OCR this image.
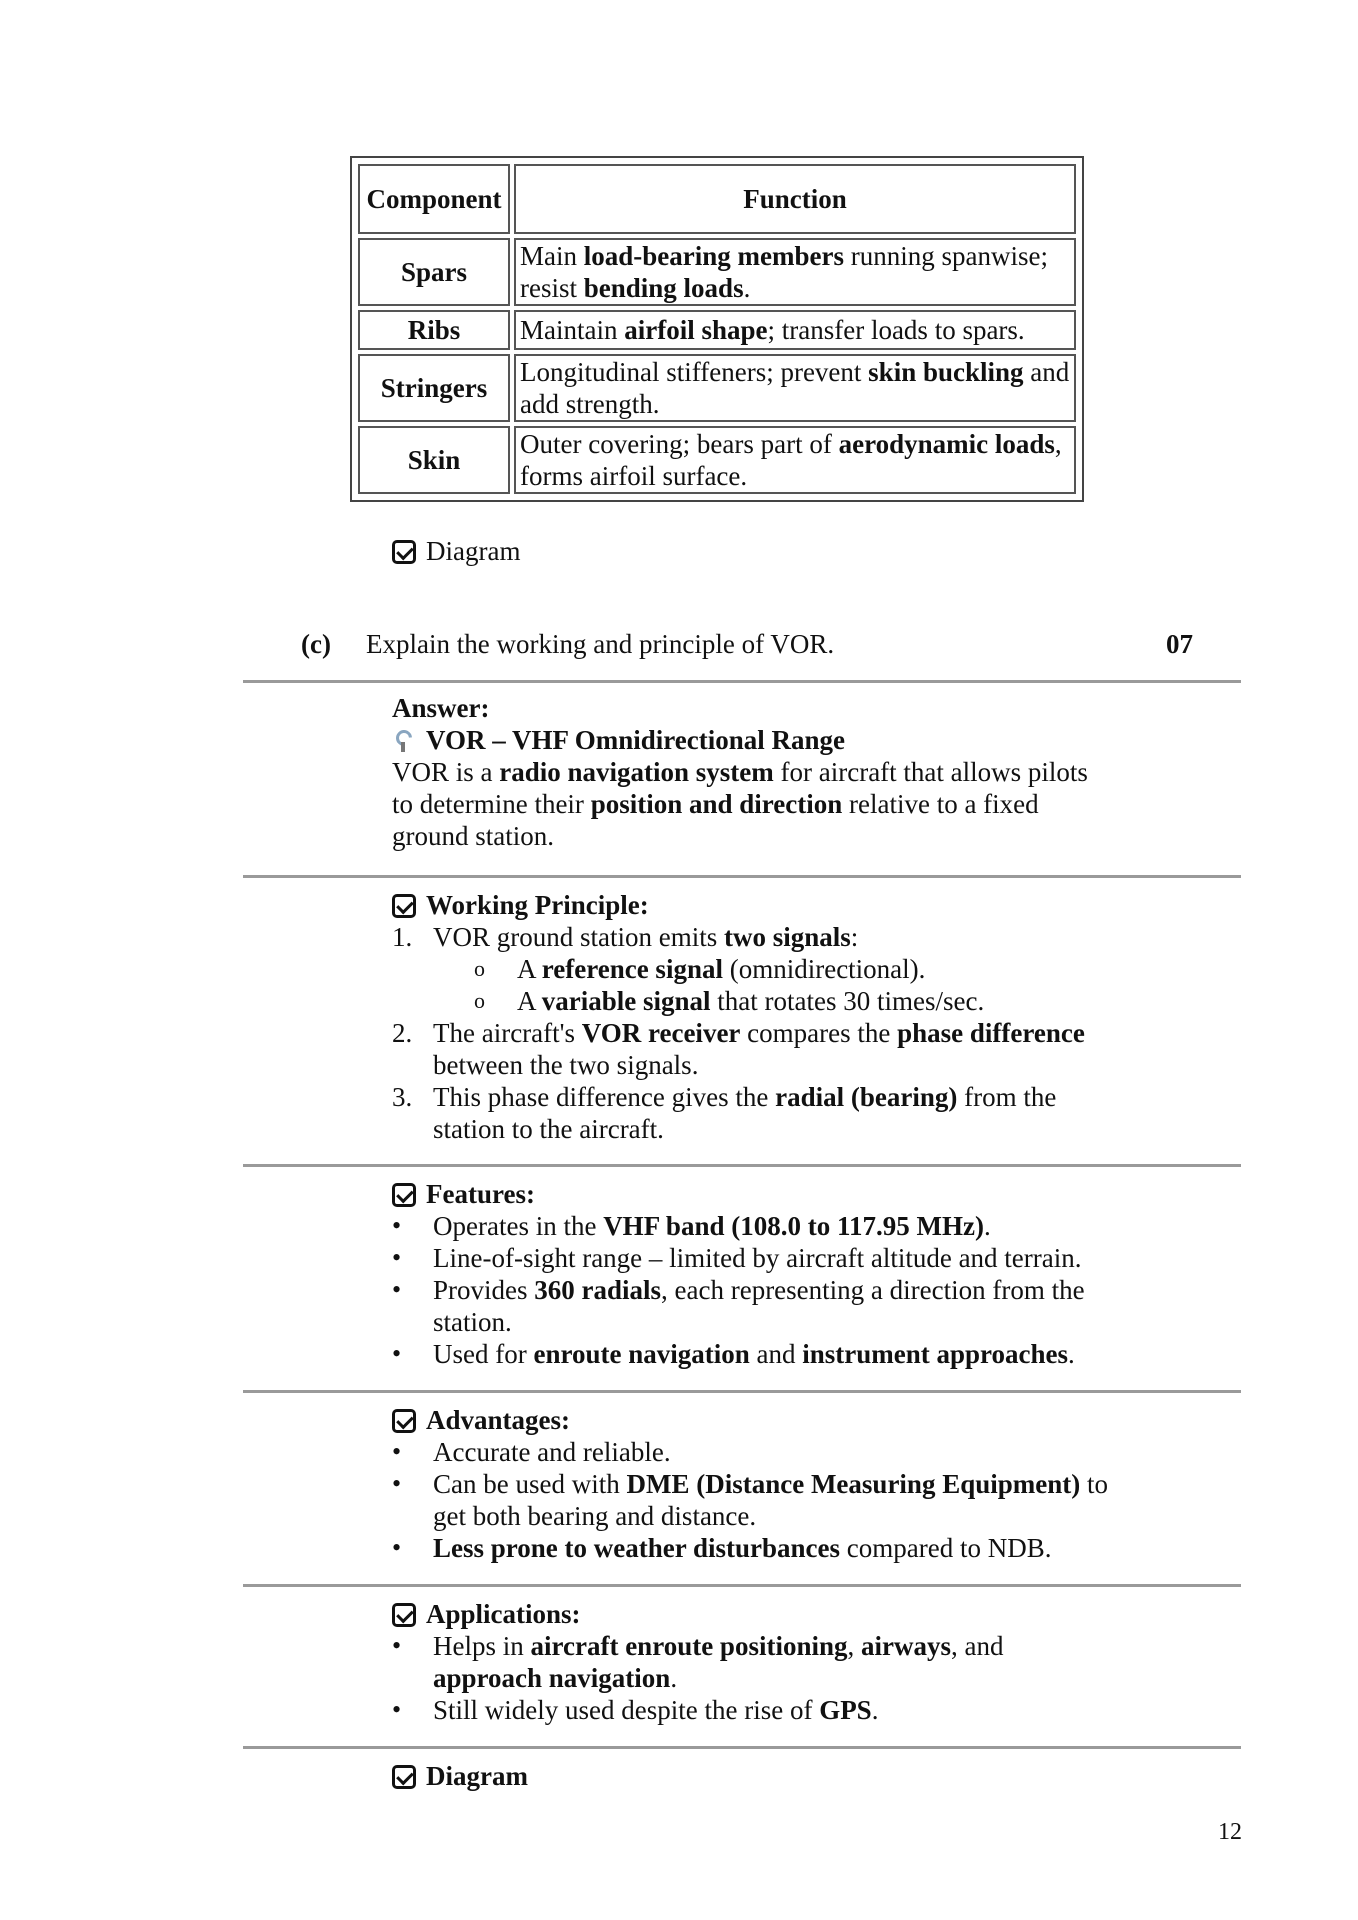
Component	Function
Spars	Main load-bearing members running spanwise; resist bending loads.
Ribs	Maintain airfoil shape; transfer loads to spars.
Stringers	Longitudinal stiffeners; prevent skin buckling and add strength.
Skin	Outer covering; bears part of aerodynamic loads, forms airfoil surface.
Diagram
(c) Explain the working and principle of VOR.	07
Answer:
VOR – VHF Omnidirectional Range
VOR is a radio navigation system for aircraft that allows pilots to determine their position and direction relative to a fixed ground station.
Working Principle:
1. VOR ground station emits two signals:
A reference signal (omnidirectional).
o
A variable signal that rotates 30 times/sec.
o
2. The aircraft's VOR receiver compares the phase difference between the two signals.
3. This phase difference gives the radial (bearing) from the station to the aircraft.
Features:
• Operates in the VHF band (108.0 to 117.95 MHz).
• Line-of-sight range – limited by aircraft altitude and terrain.
• Provides 360 radials, each representing a direction from the station.
• Used for enroute navigation and instrument approaches.
Advantages:
• Accurate and reliable.
• Can be used with DME (Distance Measuring Equipment) to get both bearing and distance.
• Less prone to weather disturbances compared to NDB.
Applications:
• Helps in aircraft enroute positioning, airways, and approach navigation.
• Still widely used despite the rise of GPS.
Diagram
12
